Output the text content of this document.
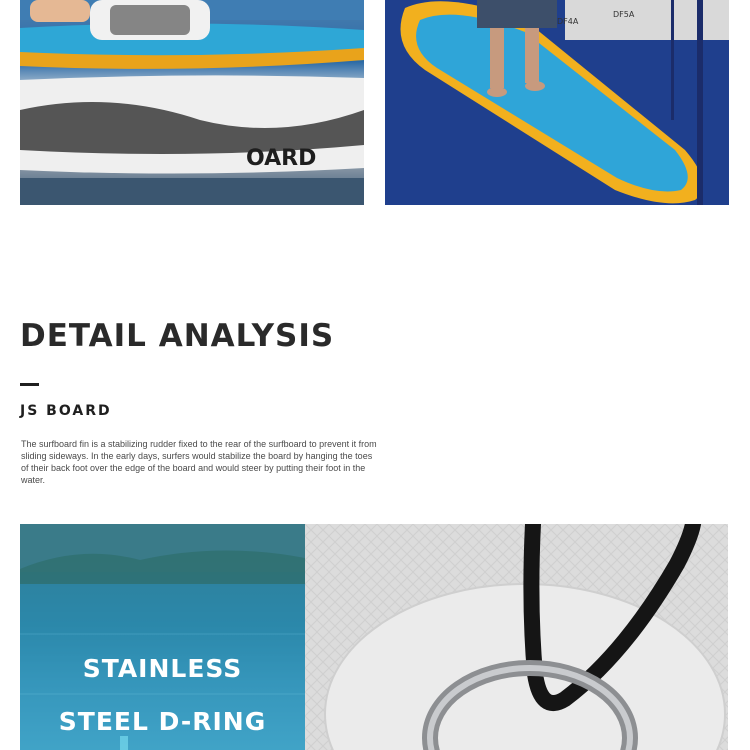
OARD
DF4A
DF5A
DETAIL ANALYSIS
JS BOARD
The surfboard fin is a stabilizing rudder fixed to the rear of the surfboard to prevent it from sliding sideways. In the early days, surfers would stabilize the board by hanging the toes of their back foot over the edge of the board and would steer by putting their foot in the water.
STAINLESS
STEEL D-RING
